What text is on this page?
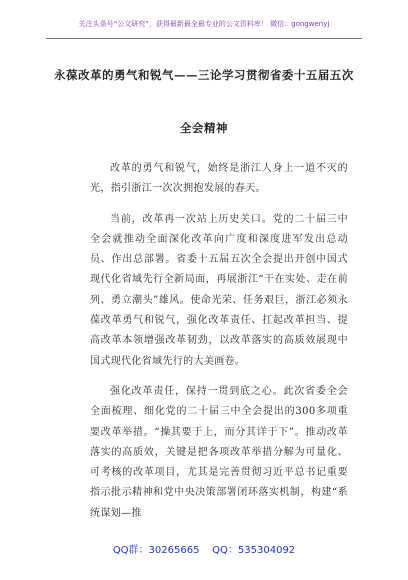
关注头条号“公文研究”，获得最新最全最专业的公文资料库！ 微信：gongwenyj
永葆改革的勇气和锐气——三论学习贯彻省委十五届五次
全会精神

改革的勇气和锐气，始终是浙江人身上一道不灭的光，指引浙江一次次拥抱发展的春天。

当前，改革再一次站上历史关口。党的二十届三中全会就推动全面深化改革向广度和深度进军发出总动员、作出总部署。省委十五届五次全会提出开创中国式现代化省域先行全新局面，再展浙江“干在实处、走在前列、勇立潮头”雄风。使命光荣、任务艰巨，浙江必须永葆改革勇气和锐气，强化改革责任、扛起改革担当、提高改革本领增强改革韧劲，以改革落实的高质效展现中国式现代化省域先行的大美画卷。

强化改革责任，保持一贯到底之心。此次省委全会全面梳理、细化党的二十届三中全会提出的300多项重要改革举措。“操其要于上，而分其详于下”。推动改革落实的高质效，关键是把各项改革举措分解为可量化、可考核的改革项目，尤其是完善贯彻习近平总书记重要指示批示精神和党中央决策部署闭环落实机制，构建“系统谋划—推

QQ群：30265665    QQ：535304092
